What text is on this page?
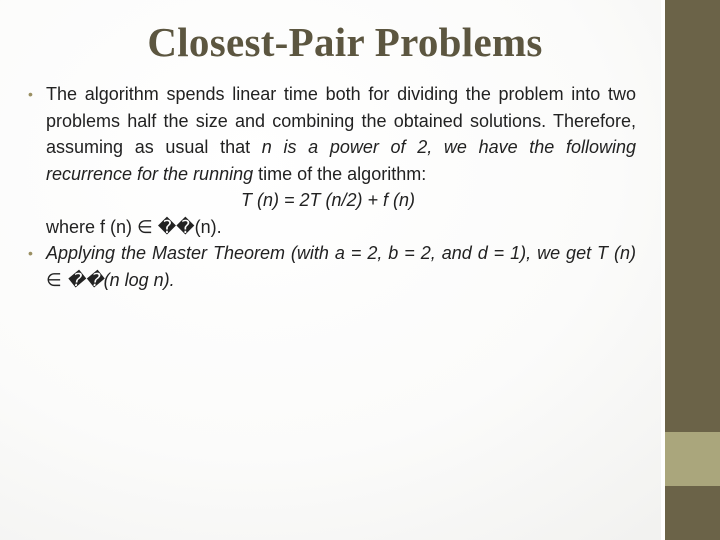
Closest-Pair Problems
• The algorithm spends linear time both for dividing the problem into two problems half the size and combining the obtained solutions. Therefore, assuming as usual that n is a power of 2, we have the following recurrence for the running time of the algorithm:
T (n) = 2T (n/2) + f (n)
where f (n) ∈ ��(n).
• Applying the Master Theorem (with a = 2, b = 2, and d = 1), we get T (n) ∈ ��(n log n).
